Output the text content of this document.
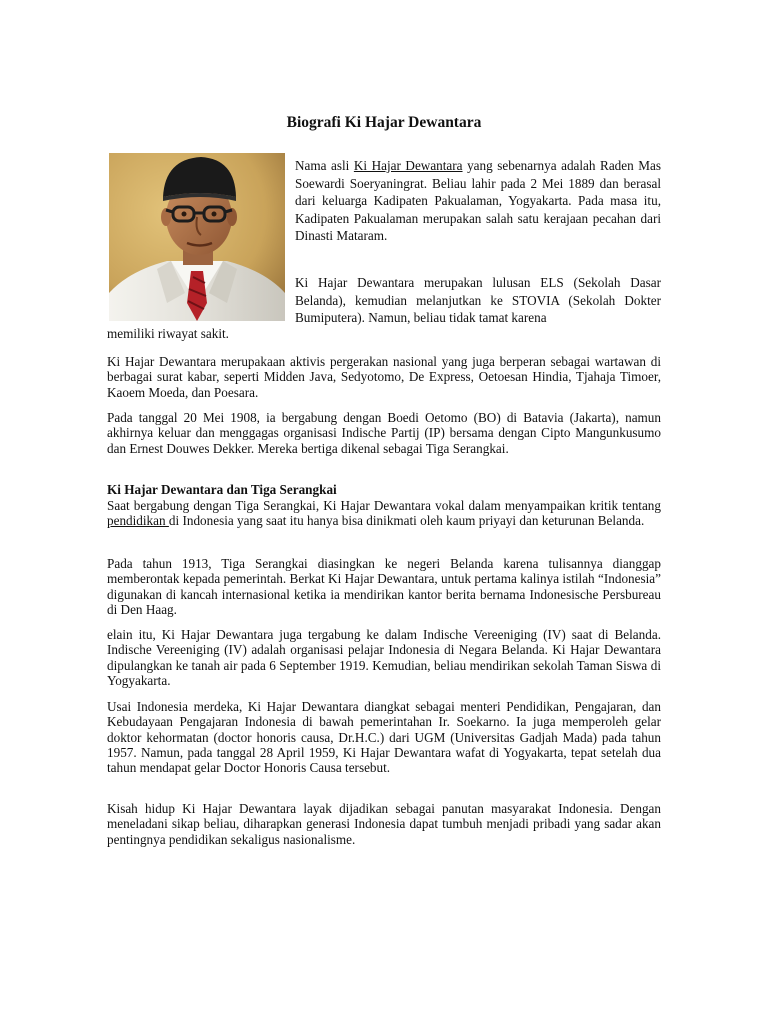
Biografi Ki Hajar Dewantara

Nama asli Ki Hajar Dewantara yang sebenarnya adalah Raden Mas Soewardi Soeryaningrat. Beliau lahir pada 2 Mei 1889 dan berasal dari keluarga Kadipaten Pakualaman, Yogyakarta. Pada masa itu, Kadipaten Pakualaman merupakan salah satu kerajaan pecahan dari Dinasti Mataram.

Ki Hajar Dewantara merupakan lulusan ELS (Sekolah Dasar Belanda), kemudian melanjutkan ke STOVIA (Sekolah Dokter Bumiputera). Namun, beliau tidak tamat karena

memiliki riwayat sakit.

Ki Hajar Dewantara merupakaan aktivis pergerakan nasional yang juga berperan sebagai wartawan di berbagai surat kabar, seperti Midden Java, Sedyotomo, De Express, Oetoesan Hindia, Tjahaja Timoer, Kaoem Moeda, dan Poesara.

Pada tanggal 20 Mei 1908, ia bergabung dengan Boedi Oetomo (BO) di Batavia (Jakarta), namun akhirnya keluar dan menggagas organisasi Indische Partij (IP) bersama dengan Cipto Mangunkusumo dan Ernest Douwes Dekker. Mereka bertiga dikenal sebagai Tiga Serangkai.

Ki Hajar Dewantara dan Tiga Serangkai

Saat bergabung dengan Tiga Serangkai, Ki Hajar Dewantara vokal dalam menyampaikan kritik tentang pendidikan di Indonesia yang saat itu hanya bisa dinikmati oleh kaum priyayi dan keturunan Belanda.

Pada tahun 1913, Tiga Serangkai diasingkan ke negeri Belanda karena tulisannya dianggap memberontak kepada pemerintah. Berkat Ki Hajar Dewantara, untuk pertama kalinya istilah “Indonesia” digunakan di kancah internasional ketika ia mendirikan kantor berita bernama Indonesische Persbureau di Den Haag.

elain itu, Ki Hajar Dewantara juga tergabung ke dalam Indische Vereeniging (IV) saat di Belanda. Indische Vereeniging (IV) adalah organisasi pelajar Indonesia di Negara Belanda. Ki Hajar Dewantara dipulangkan ke tanah air pada 6 September 1919. Kemudian, beliau mendirikan sekolah Taman Siswa di Yogyakarta.

Usai Indonesia merdeka, Ki Hajar Dewantara diangkat sebagai menteri Pendidikan, Pengajaran, dan Kebudayaan Pengajaran Indonesia di bawah pemerintahan Ir. Soekarno. Ia juga memperoleh gelar doktor kehormatan (doctor honoris causa, Dr.H.C.) dari UGM (Universitas Gadjah Mada) pada tahun 1957. Namun, pada tanggal 28 April 1959, Ki Hajar Dewantara wafat di Yogyakarta, tepat setelah dua tahun mendapat gelar Doctor Honoris Causa tersebut.

Kisah hidup Ki Hajar Dewantara layak dijadikan sebagai panutan masyarakat Indonesia. Dengan meneladani sikap beliau, diharapkan generasi Indonesia dapat tumbuh menjadi pribadi yang sadar akan pentingnya pendidikan sekaligus nasionalisme.
